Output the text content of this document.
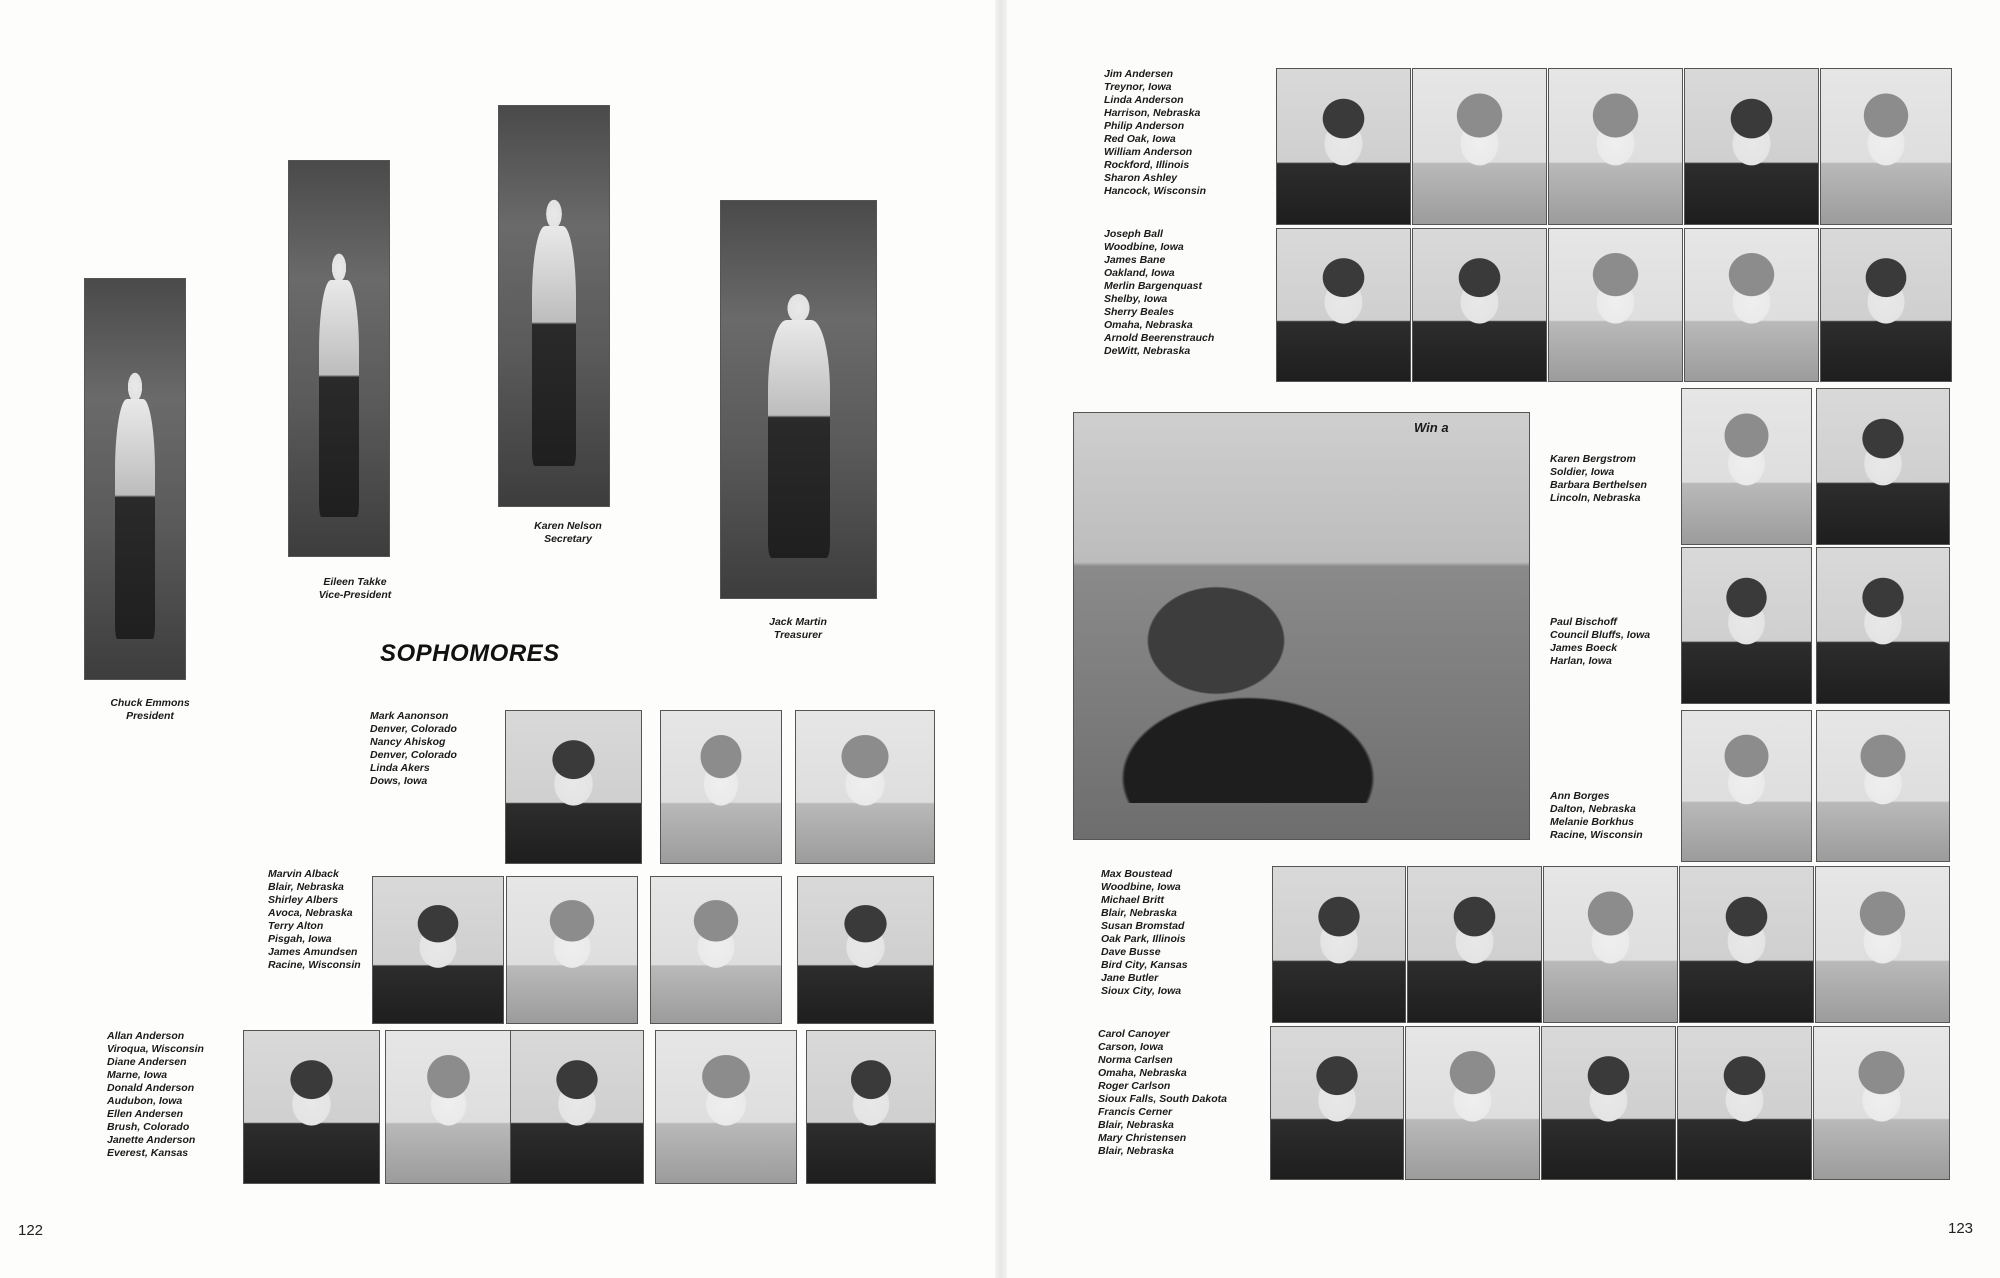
Chuck Emmons

President

Eileen Takke

Vice-President

Karen Nelson

Secretary

Jack Martin

Treasurer

SOPHOMORES

Mark Aanonson

Denver, Colorado

Nancy Ahiskog

Denver, Colorado

Linda Akers

Dows, Iowa

Marvin Alback

Blair, Nebraska

Shirley Albers

Avoca, Nebraska

Terry Alton

Pisgah, Iowa

James Amundsen

Racine, Wisconsin

Allan Anderson

Viroqua, Wisconsin

Diane Andersen

Marne, Iowa

Donald Anderson

Audubon, Iowa

Ellen Andersen

Brush, Colorado

Janette Anderson

Everest, Kansas

122

Jim Andersen

Treynor, Iowa

Linda Anderson

Harrison, Nebraska

Philip Anderson

Red Oak, Iowa

William Anderson

Rockford, Illinois

Sharon Ashley

Hancock, Wisconsin

Joseph Ball

Woodbine, Iowa

James Bane

Oakland, Iowa

Merlin Bargenquast

Shelby, Iowa

Sherry Beales

Omaha, Nebraska

Arnold Beerenstrauch

DeWitt, Nebraska

Karen Bergstrom

Soldier, Iowa

Barbara Berthelsen

Lincoln, Nebraska

Paul Bischoff

Council Bluffs, Iowa

James Boeck

Harlan, Iowa

Ann Borges

Dalton, Nebraska

Melanie Borkhus

Racine, Wisconsin

Max Boustead

Woodbine, Iowa

Michael Britt

Blair, Nebraska

Susan Bromstad

Oak Park, Illinois

Dave Busse

Bird City, Kansas

Jane Butler

Sioux City, Iowa

Carol Canoyer

Carson, Iowa

Norma Carlsen

Omaha, Nebraska

Roger Carlson

Sioux Falls, South Dakota

Francis Cerner

Blair, Nebraska

Mary Christensen

Blair, Nebraska

Win a
123
